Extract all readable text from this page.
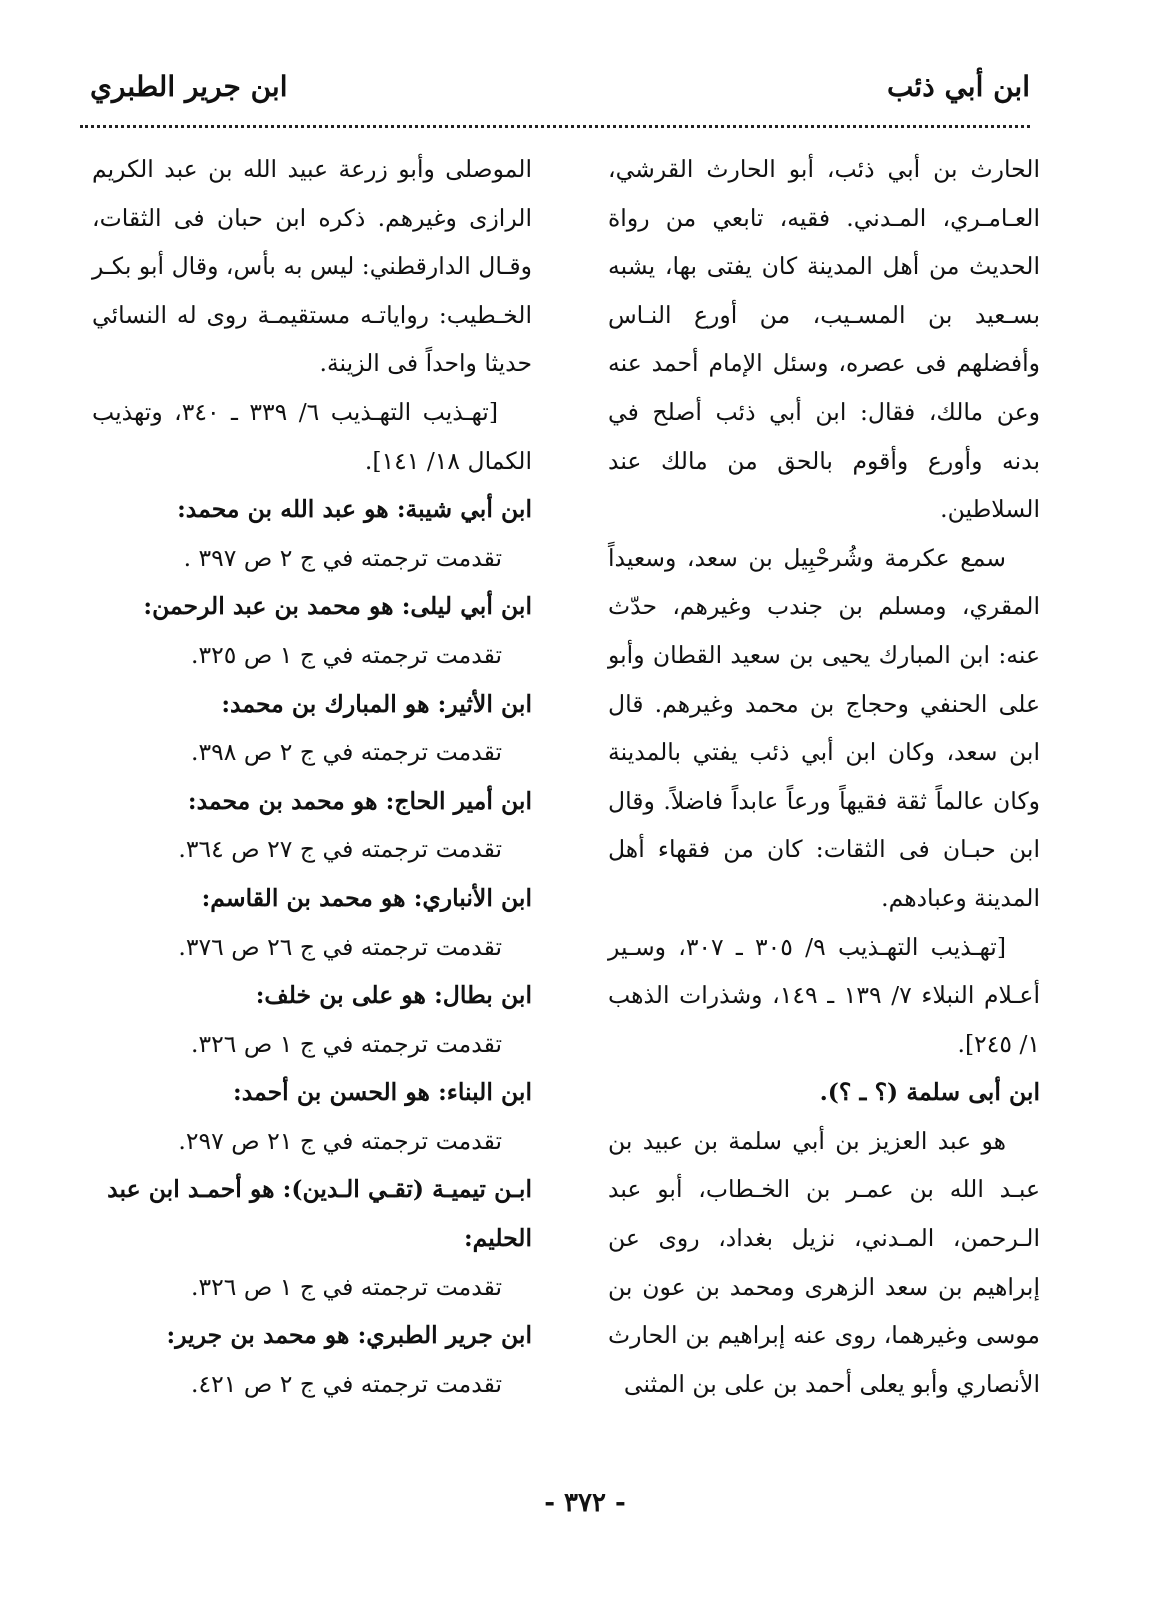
ابن أبي ذئب
ابن جرير الطبري

الحارث بن أبي ذئب، أبو الحارث القرشي، العـامـري، المـدني. فقيه، تابعي من رواة الحديث من أهل المدينة كان يفتى بها، يشبه بسـعيد بن المسـيب، من أورع النـاس وأفضلهم فى عصره، وسئل الإمام أحمد عنه وعن مالك، فقال: ابن أبي ذئب أصلح في بدنه وأورع وأقوم بالحق من مالك عند السلاطين.

سمع عكرمة وشُرحْبِيل بن سعد، وسعيداً المقري، ومسلم بن جندب وغيرهم، حدّث عنه: ابن المبارك يحيى بن سعيد القطان وأبو على الحنفي وحجاج بن محمد وغيرهم. قال ابن سعد، وكان ابن أبي ذئب يفتي بالمدينة وكان عالماً ثقة فقيهاً ورعاً عابداً فاضلاً. وقال ابن حبـان فى الثقات: كان من فقهاء أهل المدينة وعبادهم.

[تهـذيب التهـذيب ٩/ ٣٠٥ ـ ٣٠٧، وسـير أعـلام النبلاء ٧/ ١٣٩ ـ ١٤٩، وشذرات الذهب ١/ ٢٤٥].

ابن أبى سلمة (؟ ـ ؟).

هو عبد العزيز بن أبي سلمة بن عبيد بن عبـد الله بن عمـر بن الخـطاب، أبو عبد الـرحمن، المـدني، نزيل بغداد، روى عن إبراهيم بن سعد الزهرى ومحمد بن عون بن موسى وغيرهما، روى عنه إبراهيم بن الحارث الأنصاري وأبو يعلى أحمد بن على بن المثنى

الموصلى وأبو زرعة عبيد الله بن عبد الكريم الرازى وغيرهم. ذكره ابن حبان فى الثقات، وقـال الدارقطني: ليس به بأس، وقال أبو بكـر الخـطيب: رواياتـه مستقيمـة روى له النسائي حديثا واحداً فى الزينة.

[تهـذيب التهـذيب ٦/ ٣٣٩ ـ ٣٤٠، وتهذيب الكمال ١٨/ ١٤١].

ابن أبي شيبة: هو عبد الله بن محمد:

تقدمت ترجمته في ج ٢ ص ٣٩٧ .

ابن أبي ليلى: هو محمد بن عبد الرحمن:

تقدمت ترجمته في ج ١ ص ٣٢٥.

ابن الأثير: هو المبارك بن محمد:

تقدمت ترجمته في ج ٢ ص ٣٩٨.

ابن أمير الحاج: هو محمد بن محمد:

تقدمت ترجمته في ج ٢٧ ص ٣٦٤.

ابن الأنباري: هو محمد بن القاسم:

تقدمت ترجمته في ج ٢٦ ص ٣٧٦.

ابن بطال: هو على بن خلف:

تقدمت ترجمته في ج ١ ص ٣٢٦.

ابن البناء: هو الحسن بن أحمد:

تقدمت ترجمته في ج ٢١ ص ٢٩٧.

ابـن تيميـة (تقـي الـدين): هو أحمـد ابن عبد الحليم:

تقدمت ترجمته في ج ١ ص ٣٢٦.

ابن جرير الطبري: هو محمد بن جرير:

تقدمت ترجمته في ج ٢ ص ٤٢١.

- ٣٧٢ -
